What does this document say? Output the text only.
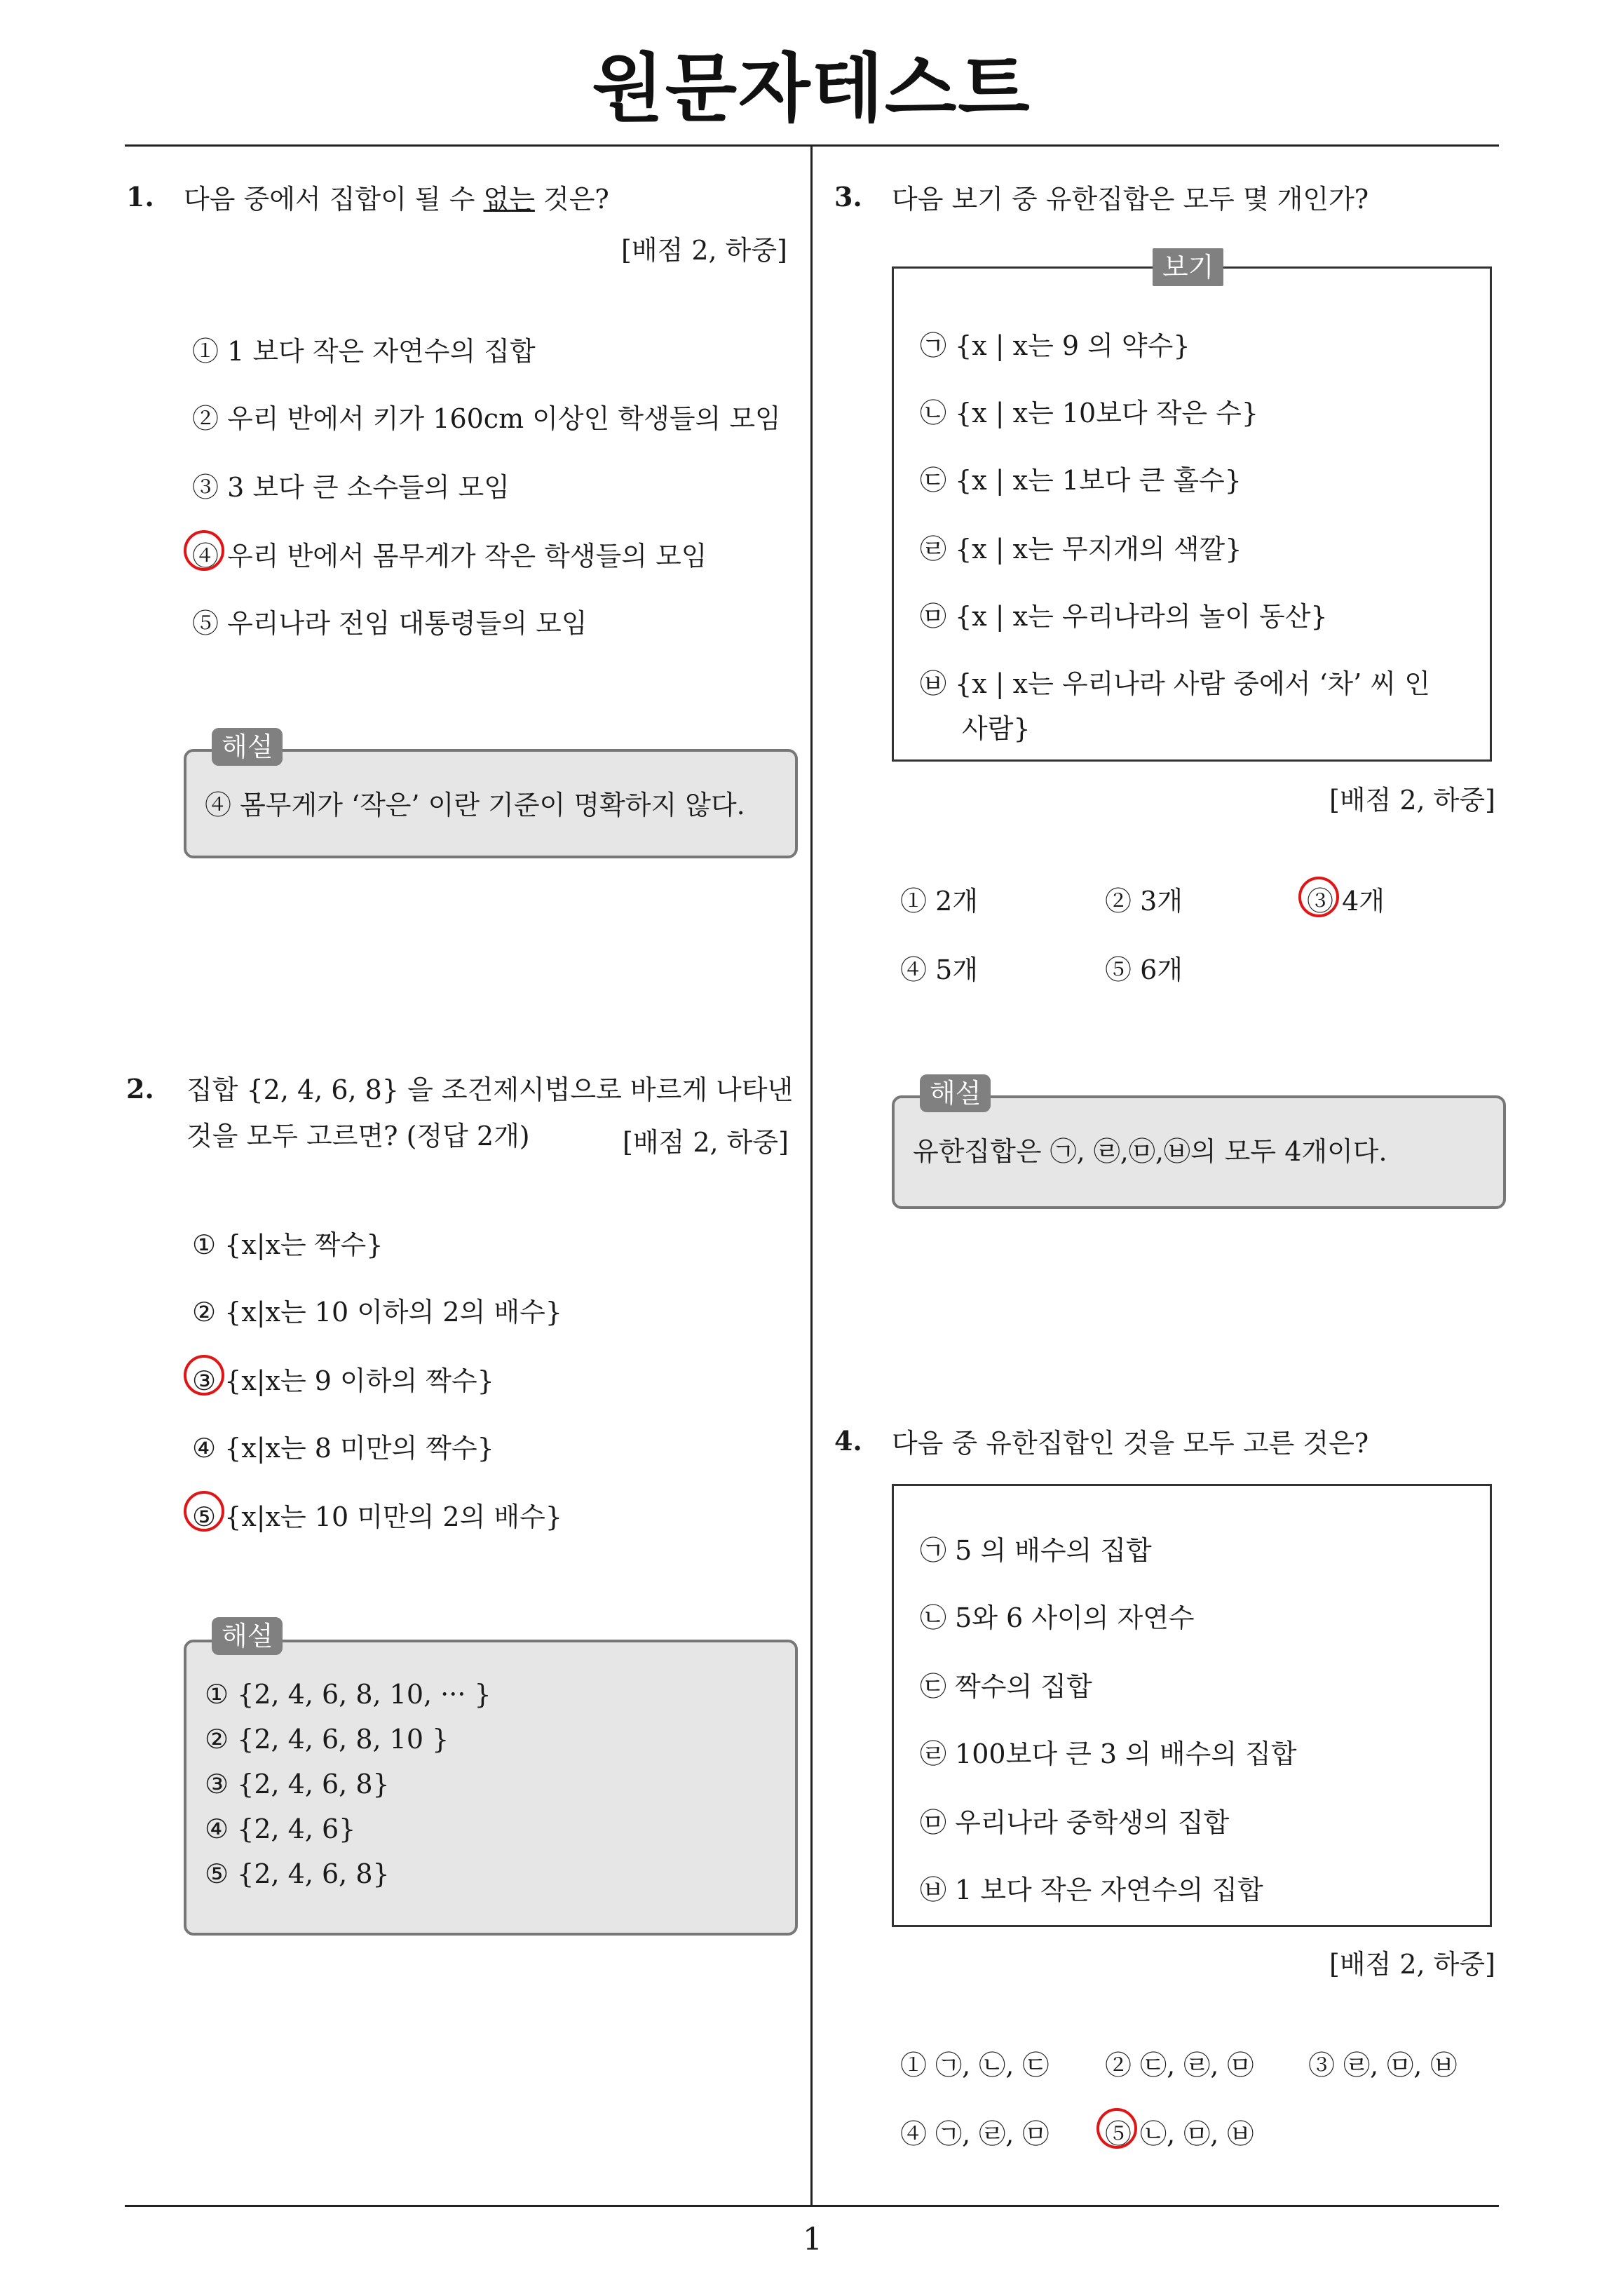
원문자테스트
1
1. 다음 중에서 집합이 될 수 없는 것은?
[배점 2, 하중]
① 1 보다 작은 자연수의 집합
② 우리 반에서 키가 160cm 이상인 학생들의 모임
③ 3 보다 큰 소수들의 모임
④ 우리 반에서 몸무게가 작은 학생들의 모임
⑤ 우리나라 전임 대통령들의 모임
해설
④ 몸무게가 ‘작은’ 이란 기준이 명확하지 않다.
2. 집합 {2, 4, 6, 8} 을 조건제시법으로 바르게 나타낸
것을 모두 고르면? (정답 2개)	[배점 2, 하중]
① {x|x는 짝수}
② {x|x는 10 이하의 2의 배수}
③ {x|x는 9 이하의 짝수}
④ {x|x는 8 미만의 짝수}
⑤ {x|x는 10 미만의 2의 배수}
해설
① {2, 4, 6, 8, 10, ··· }
② {2, 4, 6, 8, 10 }
③ {2, 4, 6, 8}
④ {2, 4, 6}
⑤ {2, 4, 6, 8}
3. 다음 보기 중 유한집합은 모두 몇 개인가?
보기
㉠ {x | x는 9 의 약수}
㉡ {x | x는 10보다 작은 수}
㉢ {x | x는 1보다 큰 홀수}
㉣ {x | x는 무지개의 색깔}
㉤ {x | x는 우리나라의 놀이 동산}
㉥ {x | x는 우리나라 사람 중에서 ‘차’ 씨 인
사람}
[배점 2, 하중]
① 2개	② 3개	③ 4개
④ 5개	⑤ 6개
해설
유한집합은 ㉠, ㉣,㉤,㉥의 모두 4개이다.
4. 다음 중 유한집합인 것을 모두 고른 것은?
㉠ 5 의 배수의 집합
㉡ 5와 6 사이의 자연수
㉢ 짝수의 집합
㉣ 100보다 큰 3 의 배수의 집합
㉤ 우리나라 중학생의 집합
㉥ 1 보다 작은 자연수의 집합
[배점 2, 하중]
① ㉠, ㉡, ㉢ ② ㉢, ㉣, ㉤ ③ ㉣, ㉤, ㉥
④ ㉠, ㉣, ㉤ ⑤ ㉡, ㉤, ㉥
